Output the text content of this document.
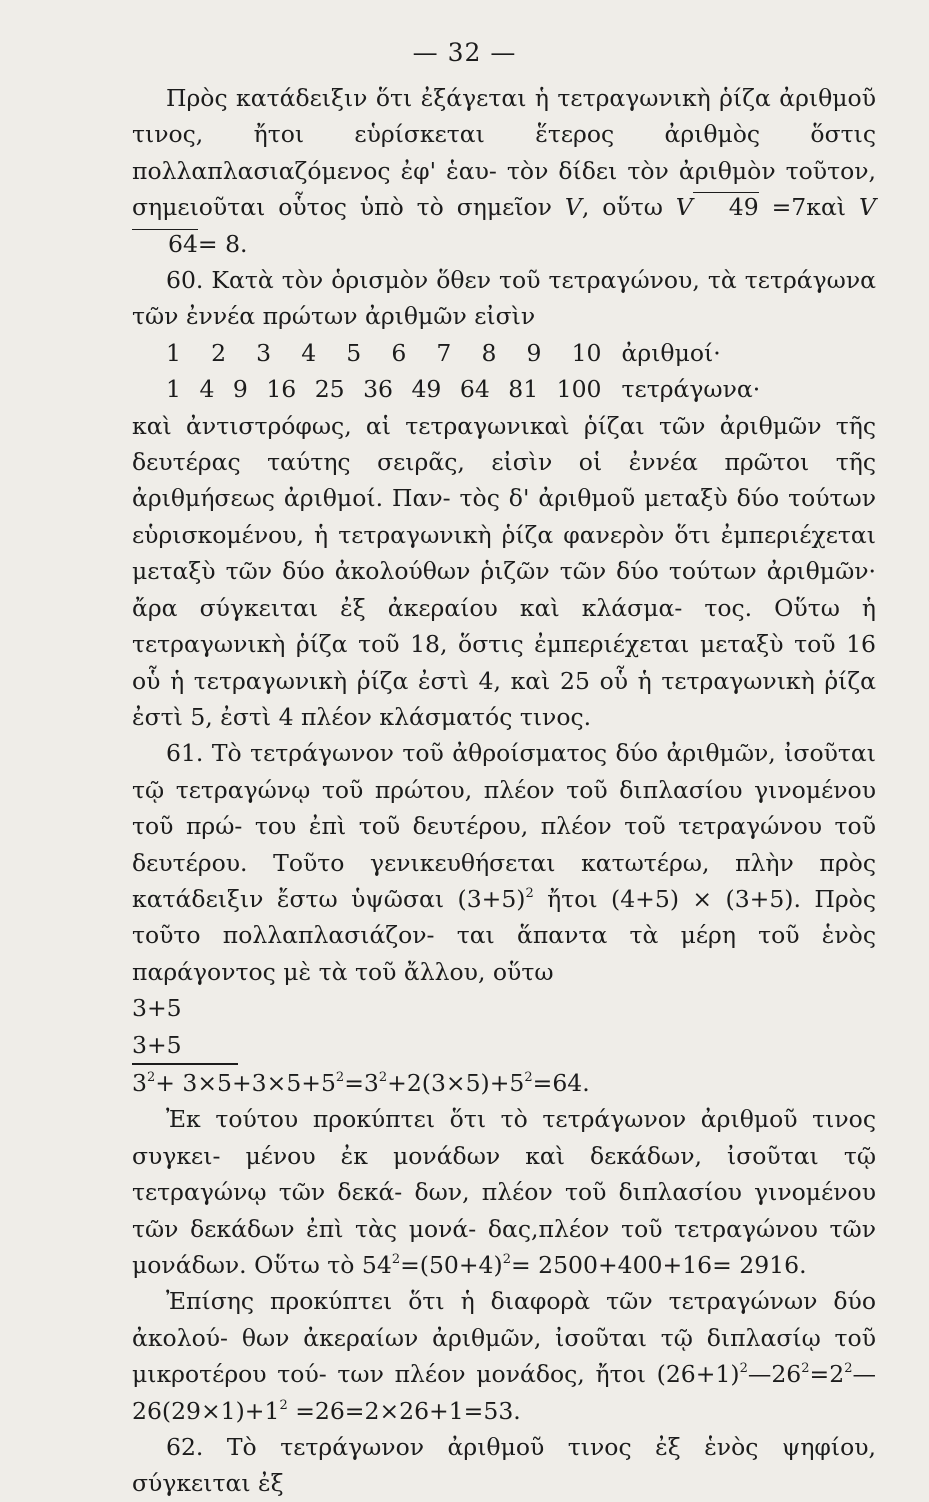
— 32 —

Πρὸς κατάδειξιν ὅτι ἐξάγεται ἡ τετραγωνικὴ ῥίζα ἀριθμοῦ τινος, ἤτοι εὑρίσκεται ἕτερος ἀριθμὸς ὅστις πολλαπλασιαζόμενος ἐφ' ἑαυ- τὸν δίδει τὸν ἀριθμὸν τοῦτον, σημειοῦται οὗτος ὑπὸ τὸ σημεῖον V, οὕτω V 49 =7καὶ V64= 8.

60. Κατὰ τὸν ὁρισμὸν ὅθεν τοῦ τετραγώνου, τὰ τετράγωνα τῶν ἐννέα πρώτων ἀριθμῶν εἰσὶν

1 2 3 4 5 6 7 8 9 10 ἀριθμοί·
1 4 9 16 25 36 49 64 81 100 τετράγωνα·

καὶ ἀντιστρόφως, αἱ τετραγωνικαὶ ῥίζαι τῶν ἀριθμῶν τῆς δευτέρας ταύτης σειρᾶς, εἰσὶν οἱ ἐννέα πρῶτοι τῆς ἀριθμήσεως ἀριθμοί. Παν- τὸς δ' ἀριθμοῦ μεταξὺ δύο τούτων εὑρισκομένου, ἡ τετραγωνικὴ ῥίζα φανερὸν ὅτι ἐμπεριέχεται μεταξὺ τῶν δύο ἀκολούθων ῥιζῶν τῶν δύο τούτων ἀριθμῶν· ἄρα σύγκειται ἐξ ἀκεραίου καὶ κλάσμα- τος. Οὕτω ἡ τετραγωνικὴ ῥίζα τοῦ 18, ὅστις ἐμπεριέχεται μεταξὺ τοῦ 16 οὗ ἡ τετραγωνικὴ ῥίζα ἐστὶ 4, καὶ 25 οὗ ἡ τετραγωνικὴ ῥίζα ἐστὶ 5, ἐστὶ 4 πλέον κλάσματός τινος.

61. Τὸ τετράγωνον τοῦ ἀθροίσματος δύο ἀριθμῶν, ἰσοῦται τῷ τετραγώνῳ τοῦ πρώτου, πλέον τοῦ διπλασίου γινομένου τοῦ πρώ- του ἐπὶ τοῦ δευτέρου, πλέον τοῦ τετραγώνου τοῦ δευτέρου. Τοῦτο γενικευθήσεται κατωτέρω, πλὴν πρὸς κατάδειξιν ἔστω ὑψῶσαι $(3+5)^2$ ἤτοι (4+5) × (3+5). Πρὸς τοῦτο πολλαπλασιάζον- ται ἅπαντα τὰ μέρη τοῦ ἑνὸς παράγοντος μὲ τὰ τοῦ ἄλλου, οὕτω

3+5
3+5
$3^2+ 3\times 5+3\times 5+5^2=3^2+2(3\times 5)+5^2=64$.

Ἐκ τούτου προκύπτει ὅτι τὸ τετράγωνον ἀριθμοῦ τινος συγκει- μένου ἐκ μονάδων καὶ δεκάδων, ἰσοῦται τῷ τετραγώνῳ τῶν δεκά- δων, πλέον τοῦ διπλασίου γινομένου τῶν δεκάδων ἐπὶ τὰς μονά- δας,πλέον τοῦ τετραγώνου τῶν μονάδων. Οὕτω τὸ $54^2=(50+4)^2= 2500+400+16= 2916$.

Ἐπίσης προκύπτει ὅτι ἡ διαφορὰ τῶν τετραγώνων δύο ἀκολού- θων ἀκεραίων ἀριθμῶν, ἰσοῦται τῷ διπλασίῳ τοῦ μικροτέρου τού- των πλέον μονάδος, ἤτοι $(26+1)^2—26^2=2^2—26(29\times 1)+1^2 =26=2\times 26+1=53$.

62. Τὸ τετράγωνον ἀριθμοῦ τινος ἐξ ἑνὸς ψηφίου, σύγκειται ἐξ
